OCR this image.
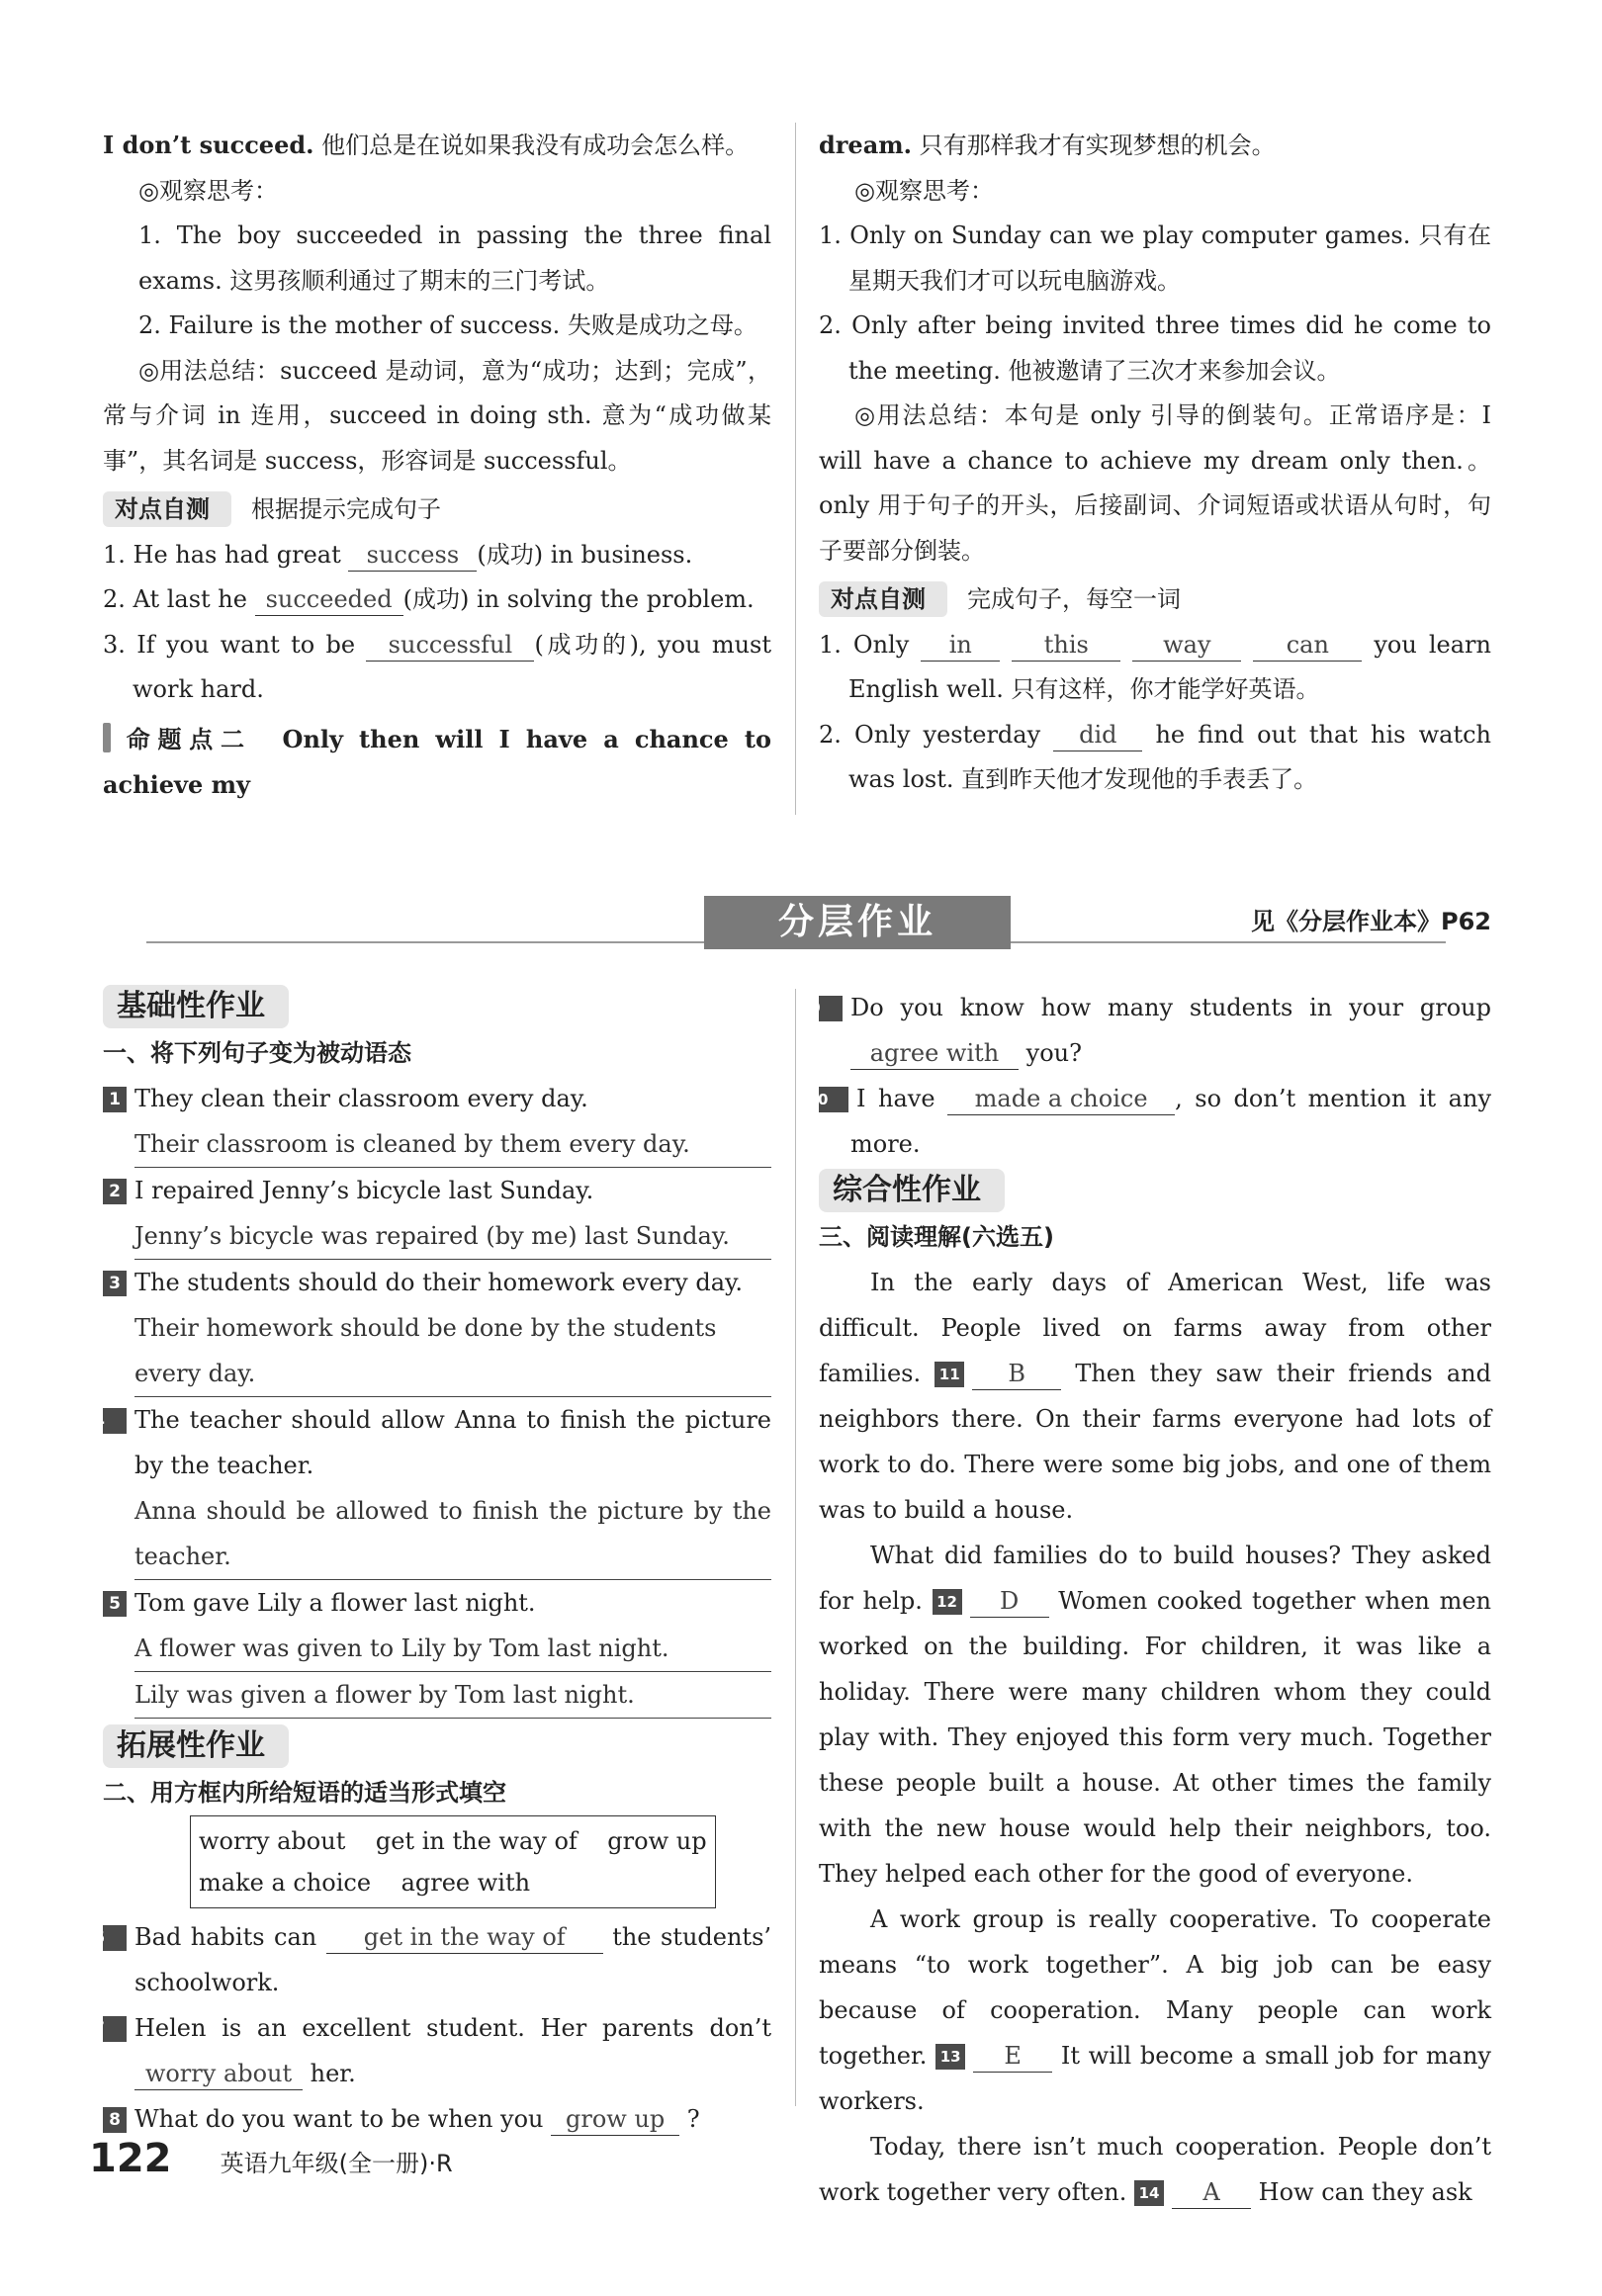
I don’t succeed. 他们总是在说如果我没有成功会怎么样。

◎观察思考：

1. The boy succeeded in passing the three final exams. 这男孩顺利通过了期末的三门考试。

2. Failure is the mother of success. 失败是成功之母。

◎用法总结：succeed 是动词，意为“成功；达到；完成”，常与介词 in 连用，succeed in doing sth. 意为“成功做某事”，其名词是 success，形容词是 successful。

对点自测 根据提示完成句子

1. He has had great success (成功) in business.

2. At last he succeeded (成功) in solving the problem.

3. If you want to be successful (成功的), you must work hard.

命题点二 Only then will I have a chance to achieve my

dream. 只有那样我才有实现梦想的机会。

◎观察思考：

1. Only on Sunday can we play computer games. 只有在星期天我们才可以玩电脑游戏。

2. Only after being invited three times did he come to the meeting. 他被邀请了三次才来参加会议。

◎用法总结：本句是 only 引导的倒装句。正常语序是：I will have a chance to achieve my dream only then.。only 用于句子的开头，后接副词、介词短语或状语从句时，句子要部分倒装。

对点自测 完成句子，每空一词

1. Only in	this	way	can you learn English well. 只有这样，你才能学好英语。

2. Only yesterday did he find out that his watch was lost. 直到昨天他才发现他的手表丢了。

分层作业	见《分层作业本》P62

基础性作业

一、将下列句子变为被动语态

1 They clean their classroom every day.

Their classroom is cleaned by them every day.

2 I repaired Jenny’s bicycle last Sunday.

Jenny’s bicycle was repaired (by me) last Sunday.

3 The students should do their homework every day.

Their homework should be done by the students every day.

4 The teacher should allow Anna to finish the picture by the teacher.

Anna should be allowed to finish the picture by the teacher.

5 Tom gave Lily a flower last night.

A flower was given to Lily by Tom last night.

Lily was given a flower by Tom last night.

拓展性作业

二、用方框内所给短语的适当形式填空

worry about    get in the way of    grow up
make a choice    agree with

6 Bad habits can get in the way of the students’ schoolwork.

7 Helen is an excellent student. Her parents don’t worry about her.

8 What do you want to be when you grow up ?

9 Do you know how many students in your group agree with you?

10 I have made a choice , so don’t mention it any more.

综合性作业

三、阅读理解(六选五)

In the early days of American West, life was difficult. People lived on farms away from other families. 11 B Then they saw their friends and neighbors there. On their farms everyone had lots of work to do. There were some big jobs, and one of them was to build a house.

What did families do to build houses? They asked for help. 12 D Women cooked together when men worked on the building. For children, it was like a holiday. There were many children whom they could play with. They enjoyed this form very much. Together these people built a house. At other times the family with the new house would help their neighbors, too. They helped each other for the good of everyone.

A work group is really cooperative. To cooperate means “to work together”. A big job can be easy because of cooperation. Many people can work together. 13 E It will become a small job for many workers.

Today, there isn’t much cooperation. People don’t work together very often. 14 A How can they ask

122 英语九年级(全一册)·R
